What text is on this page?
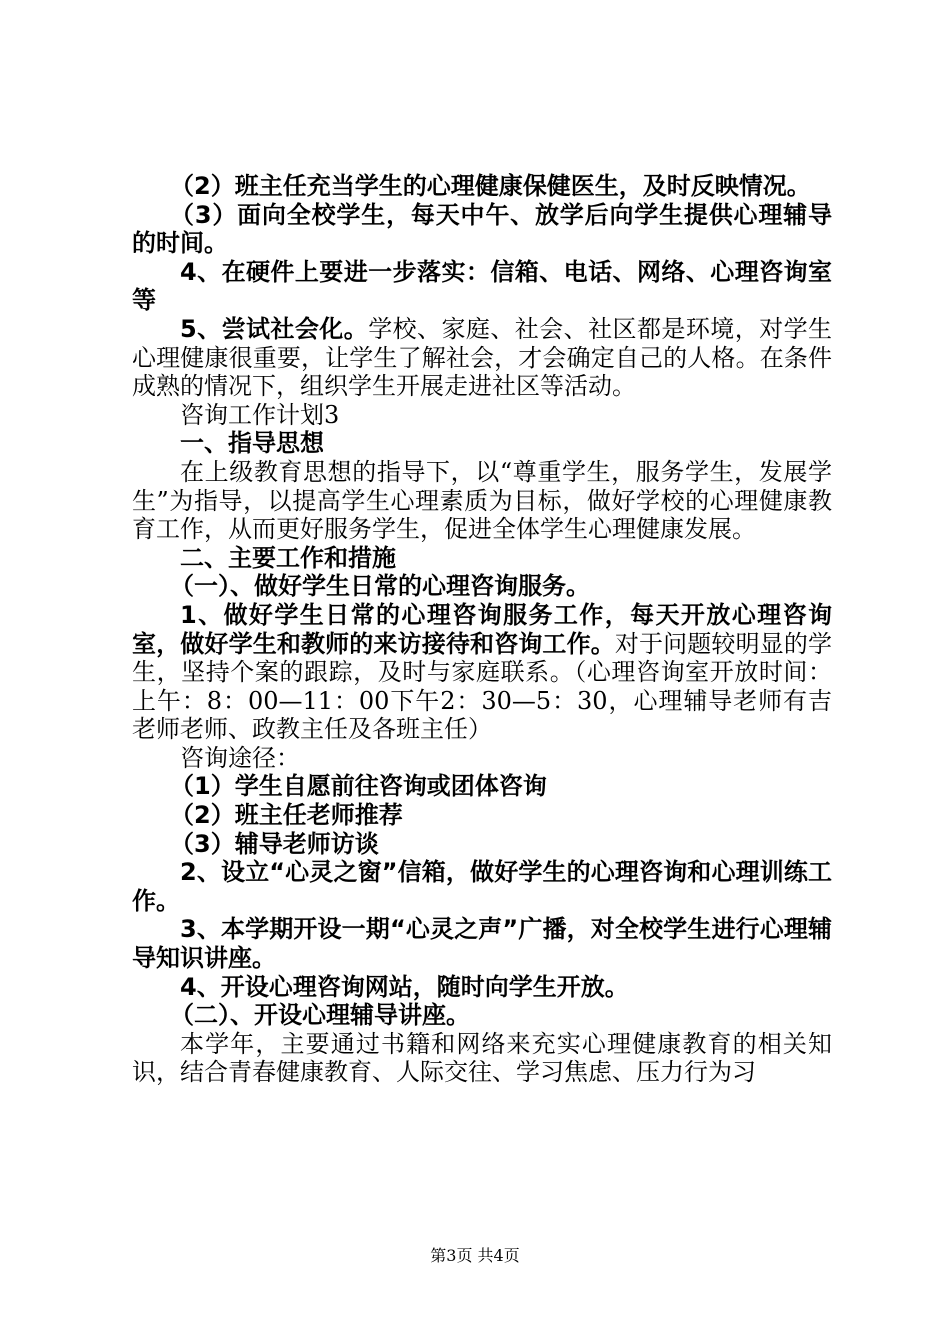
（2）班主任充当学生的心理健康保健医生，及时反映情况。

（3）面向全校学生，每天中午、放学后向学生提供心理辅导的时间。

4、在硬件上要进一步落实：信箱、电话、网络、心理咨询室等

5、尝试社会化。学校、家庭、社会、社区都是环境，对学生心理健康很重要，让学生了解社会，才会确定自己的人格。在条件成熟的情况下，组织学生开展走进社区等活动。

咨询工作计划3

一、指导思想

在上级教育思想的指导下，以“尊重学生，服务学生，发展学生”为指导，以提高学生心理素质为目标，做好学校的心理健康教育工作，从而更好服务学生，促进全体学生心理健康发展。

二、主要工作和措施

（一）、做好学生日常的心理咨询服务。

1、做好学生日常的心理咨询服务工作，每天开放心理咨询室，做好学生和教师的来访接待和咨询工作。对于问题较明显的学生，坚持个案的跟踪，及时与家庭联系。（心理咨询室开放时间：上午：8：00—11：00下午2：30—5：30，心理辅导老师有吉老师老师、政教主任及各班主任）

咨询途径：

（1）学生自愿前往咨询或团体咨询

（2）班主任老师推荐

（3）辅导老师访谈

2、设立“心灵之窗”信箱，做好学生的心理咨询和心理训练工作。

3、本学期开设一期“心灵之声”广播，对全校学生进行心理辅导知识讲座。

4、开设心理咨询网站，随时向学生开放。

（二）、开设心理辅导讲座。

本学年，主要通过书籍和网络来充实心理健康教育的相关知识，结合青春健康教育、人际交往、学习焦虑、压力行为习

第3页 共4页
